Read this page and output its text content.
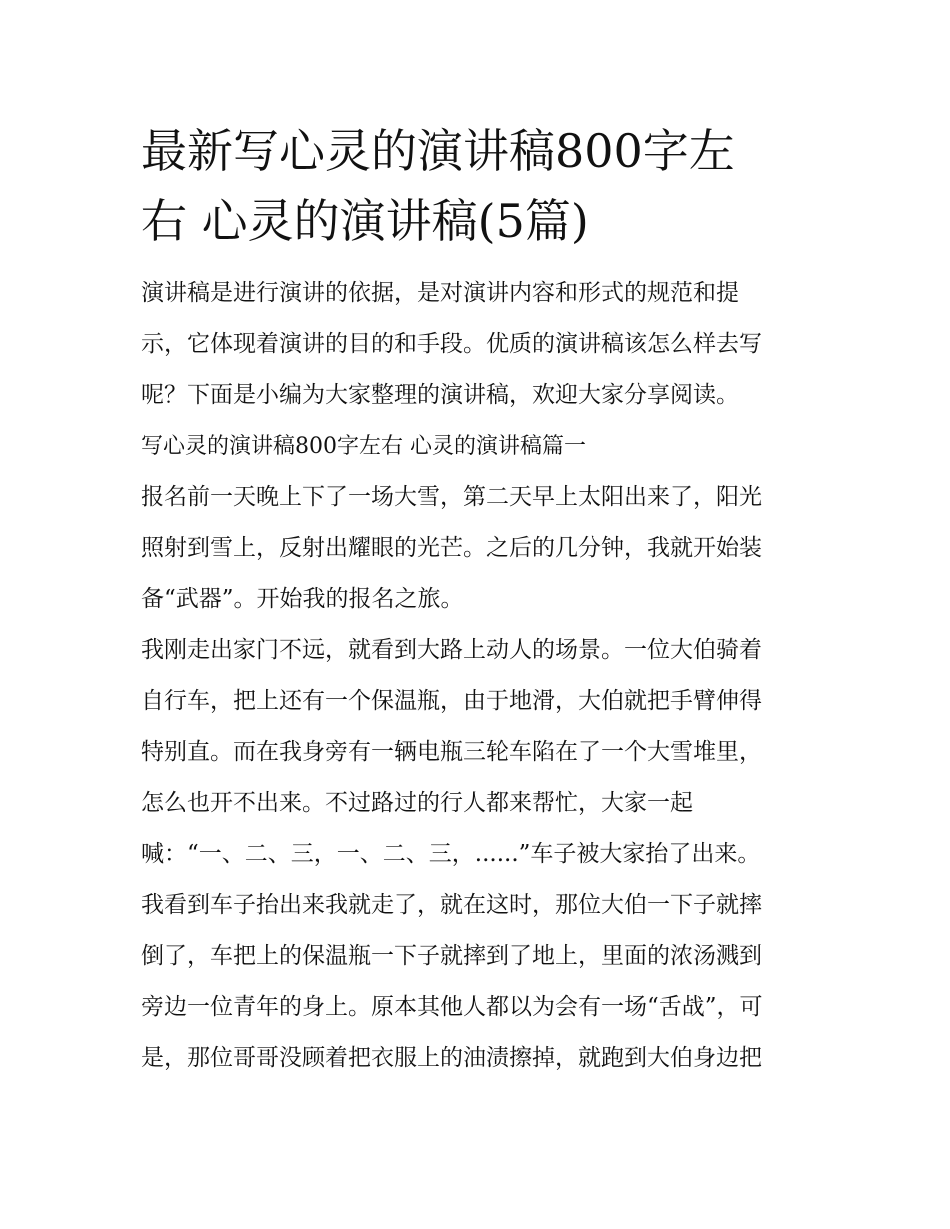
最新写心灵的演讲稿800字左
右 心灵的演讲稿(5篇)
演讲稿是进行演讲的依据，是对演讲内容和形式的规范和提
示，它体现着演讲的目的和手段。优质的演讲稿该怎么样去写
呢？下面是小编为大家整理的演讲稿，欢迎大家分享阅读。
写心灵的演讲稿800字左右 心灵的演讲稿篇一
报名前一天晚上下了一场大雪，第二天早上太阳出来了，阳光
照射到雪上，反射出耀眼的光芒。之后的几分钟，我就开始装
备“武器”。开始我的报名之旅。
我刚走出家门不远，就看到大路上动人的场景。一位大伯骑着
自行车，把上还有一个保温瓶，由于地滑，大伯就把手臂伸得
特别直。而在我身旁有一辆电瓶三轮车陷在了一个大雪堆里，
怎么也开不出来。不过路过的行人都来帮忙，大家一起
喊：“一、二、三，一、二、三，......”车子被大家抬了出来。
我看到车子抬出来我就走了，就在这时，那位大伯一下子就摔
倒了，车把上的保温瓶一下子就摔到了地上，里面的浓汤溅到
旁边一位青年的身上。原本其他人都以为会有一场“舌战”，可
是，那位哥哥没顾着把衣服上的油渍擦掉，就跑到大伯身边把
